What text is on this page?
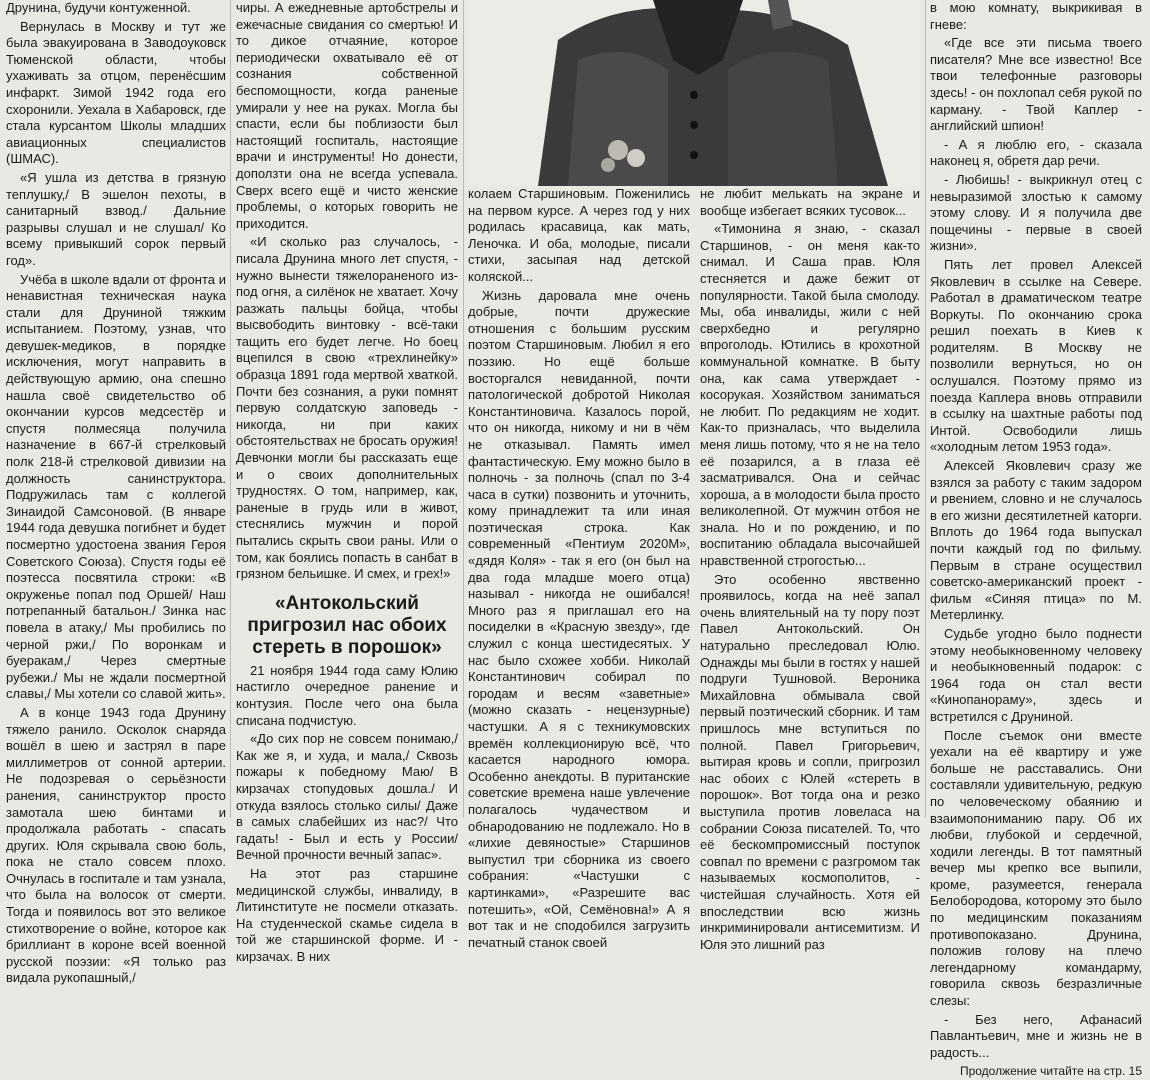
Друнина, будучи контуженной.

Вернулась в Москву и тут же была эвакуирована в Заводоуковск Тюменской области, чтобы ухаживать за отцом, перенёсшим инфаркт. Зимой 1942 года его схоронили. Уехала в Хабаровск, где стала курсантом Школы младших авиационных специалистов (ШМАС).

«Я ушла из детства в грязную теплушку,/ В эшелон пехоты, в санитарный взвод./ Дальние разрывы слушал и не слушал/ Ко всему привыкший сорок первый год».

Учёба в школе вдали от фронта и ненавистная техническая наука стали для Друниной тяжким испытанием. Поэтому, узнав, что девушек-медиков, в порядке исключения, могут направить в действующую армию, она спешно нашла своё свидетельство об окончании курсов медсестёр и спустя полмесяца получила назначение в 667-й стрелковый полк 218-й стрелковой дивизии на должность санинструктора. Подружилась там с коллегой Зинаидой Самсоновой. (В январе 1944 года девушка погибнет и будет посмертно удостоена звания Героя Советского Союза). Спустя годы её поэтесса посвятила строки: «В окруженье попал под Оршей/ Наш потрепанный батальон./ Зинка нас повела в атаку,/ Мы пробились по черной ржи,/ По воронкам и буеракам,/ Через смертные рубежи./ Мы не ждали посмертной славы,/ Мы хотели со славой жить».

А в конце 1943 года Друнину тяжело ранило. Осколок снаряда вошёл в шею и застрял в паре миллиметров от сонной артерии. Не подозревая о серьёзности ранения, санинструктор просто замотала шею бинтами и продолжала работать - спасать других. Юля скрывала свою боль, пока не стало совсем плохо. Очнулась в госпитале и там узнала, что была на волосок от смерти. Тогда и появилось вот это великое стихотворение о войне, которое как бриллиант в короне всей военной русской поэзии: «Я только раз видала рукопашный,/

чиры. А ежедневные артобстрелы и ежечасные свидания со смертью! И то дикое отчаяние, которое периодически охватывало её от сознания собственной беспомощности, когда раненые умирали у нее на руках. Могла бы спасти, если бы поблизости был настоящий госпиталь, настоящие врачи и инструменты! Но донести, доползти она не всегда успевала. Сверх всего ещё и чисто женские проблемы, о которых говорить не приходится.

«И сколько раз случалось, - писала Друнина много лет спустя, - нужно вынести тяжелораненого из-под огня, а силёнок не хватает. Хочу разжать пальцы бойца, чтобы высвободить винтовку - всё-таки тащить его будет легче. Но боец вцепился в свою «трехлинейку» образца 1891 года мертвой хваткой. Почти без сознания, а руки помнят первую солдатскую заповедь - никогда, ни при каких обстоятельствах не бросать оружия! Девчонки могли бы рассказать еще и о своих дополнительных трудностях. О том, например, как, раненые в грудь или в живот, стеснялись мужчин и порой пытались скрыть свои раны. Или о том, как боялись попасть в санбат в грязном бельишке. И смех, и грех!»

«Антокольский пригрозил нас обоих стереть в порошок»

21 ноября 1944 года саму Юлию настигло очередное ранение и контузия. После чего она была списана подчистую.

«До сих пор не совсем понимаю,/ Как же я, и худа, и мала,/ Сквозь пожары к победному Маю/ В кирзачах стопудовых дошла./ И откуда взялось столько силы/ Даже в самых слабейших из нас?/ Что гадать! - Был и есть у России/ Вечной прочности вечный запас».

На этот раз старшине медицинской службы, инвалиду, в Литинституте не посмели отказать. На студенческой скамье сидела в той же старшинской форме. И - кирзачах. В них

колаем Старшиновым. Поженились на первом курсе. А через год у них родилась красавица, как мать, Леночка. И оба, молодые, писали стихи, засыпая над детской коляской...

Жизнь даровала мне очень добрые, почти дружеские отношения с большим русским поэтом Старшиновым. Любил я его поэзию. Но ещё больше восторгался невиданной, почти патологической добротой Николая Константиновича. Казалось порой, что он никогда, никому и ни в чём не отказывал. Память имел фантастическую. Ему можно было в полночь - за полночь (спал по 3-4 часа в сутки) позвонить и уточнить, кому принадлежит та или иная поэтическая строка. Как современный «Пентиум 2020М», «дядя Коля» - так я его (он был на два года младше моего отца) называл - никогда не ошибался! Много раз я приглашал его на посиделки в «Красную звезду», где служил с конца шестидесятых. У нас было схожее хобби. Николай Константинович собирал по городам и весям «заветные» (можно сказать - нецензурные) частушки. А я с техникумовских времён коллекционирую всё, что касается народного юмора. Особенно анекдоты. В пуританские советские времена наше увлечение полагалось чудачеством и обнародованию не подлежало. Но в «лихие девяностые» Старшинов выпустил три сборника из своего собрания: «Частушки с картинками», «Разрешите вас потешить», «Ой, Семёновна!» А я вот так и не сподобился загрузить печатный станок своей

не любит мелькать на экране и вообще избегает всяких тусовок...

«Тимонина я знаю, - сказал Старшинов, - он меня как-то снимал. И Саша прав. Юля стесняется и даже бежит от популярности. Такой была смолоду. Мы, оба инвалиды, жили с ней сверхбедно и регулярно впроголодь. Ютились в крохотной коммунальной комнатке. В быту она, как сама утверждает - косорукая. Хозяйством заниматься не любит. По редакциям не ходит. Как-то призналась, что выделила меня лишь потому, что я не на тело её позарился, а в глаза её засматривался. Она и сейчас хороша, а в молодости была просто великолепной. От мужчин отбоя не знала. Но и по рождению, и по воспитанию обладала высочайшей нравственной строгостью...

Это особенно явственно проявилось, когда на неё запал очень влиятельный на ту пору поэт Павел Антокольский. Он натурально преследовал Юлю. Однажды мы были в гостях у нашей подруги Тушновой. Вероника Михайловна обмывала свой первый поэтический сборник. И там пришлось мне вступиться по полной. Павел Григорьевич, вытирая кровь и сопли, пригрозил нас обоих с Юлей «стереть в порошок». Вот тогда она и резко выступила против ловеласа на собрании Союза писателей. То, что её бескомпромиссный поступок совпал по времени с разгромом так называемых космополитов, - чистейшая случайность. Хотя ей впоследствии всю жизнь инкриминировали антисемитизм. И Юля это лишний раз

в мою комнату, выкрикивая в гневе:

«Где все эти письма твоего писателя? Мне все известно! Все твои телефонные разговоры здесь! - он похлопал себя рукой по карману. - Твой Каплер - английский шпион!

- А я люблю его, - сказала наконец я, обретя дар речи.

- Любишь! - выкрикнул отец с невыразимой злостью к самому этому слову. И я получила две пощечины - первые в своей жизни».

Пять лет провел Алексей Яковлевич в ссылке на Севере. Работал в драматическом театре Воркуты. По окончанию срока решил поехать в Киев к родителям. В Москву не позволили вернуться, но он ослушался. Поэтому прямо из поезда Каплера вновь отправили в ссылку на шахтные работы под Интой. Освободили лишь «холодным летом 1953 года».

Алексей Яковлевич сразу же взялся за работу с таким задором и рвением, словно и не случалось в его жизни десятилетней каторги. Вплоть до 1964 года выпускал почти каждый год по фильму. Первым в стране осуществил советско-американский проект - фильм «Синяя птица» по М. Метерлинку.

Судьбе угодно было поднести этому необыкновенному человеку и необыкновенный подарок: с 1964 года он стал вести «Кинопанораму», здесь и встретился с Друниной.

После съемок они вместе уехали на её квартиру и уже больше не расставались. Они составляли удивительную, редкую по человеческому обаянию и взаимопониманию пару. Об их любви, глубокой и сердечной, ходили легенды. В тот памятный вечер мы крепко все выпили, кроме, разумеется, генерала Белобородова, которому это было по медицинским показаниям противопоказано. Друнина, положив голову на плечо легендарному командарму, говорила сквозь безразличные слезы:

- Без него, Афанасий Павлантьевич, мне и жизнь не в радость...

Продолжение читайте на стр. 15
